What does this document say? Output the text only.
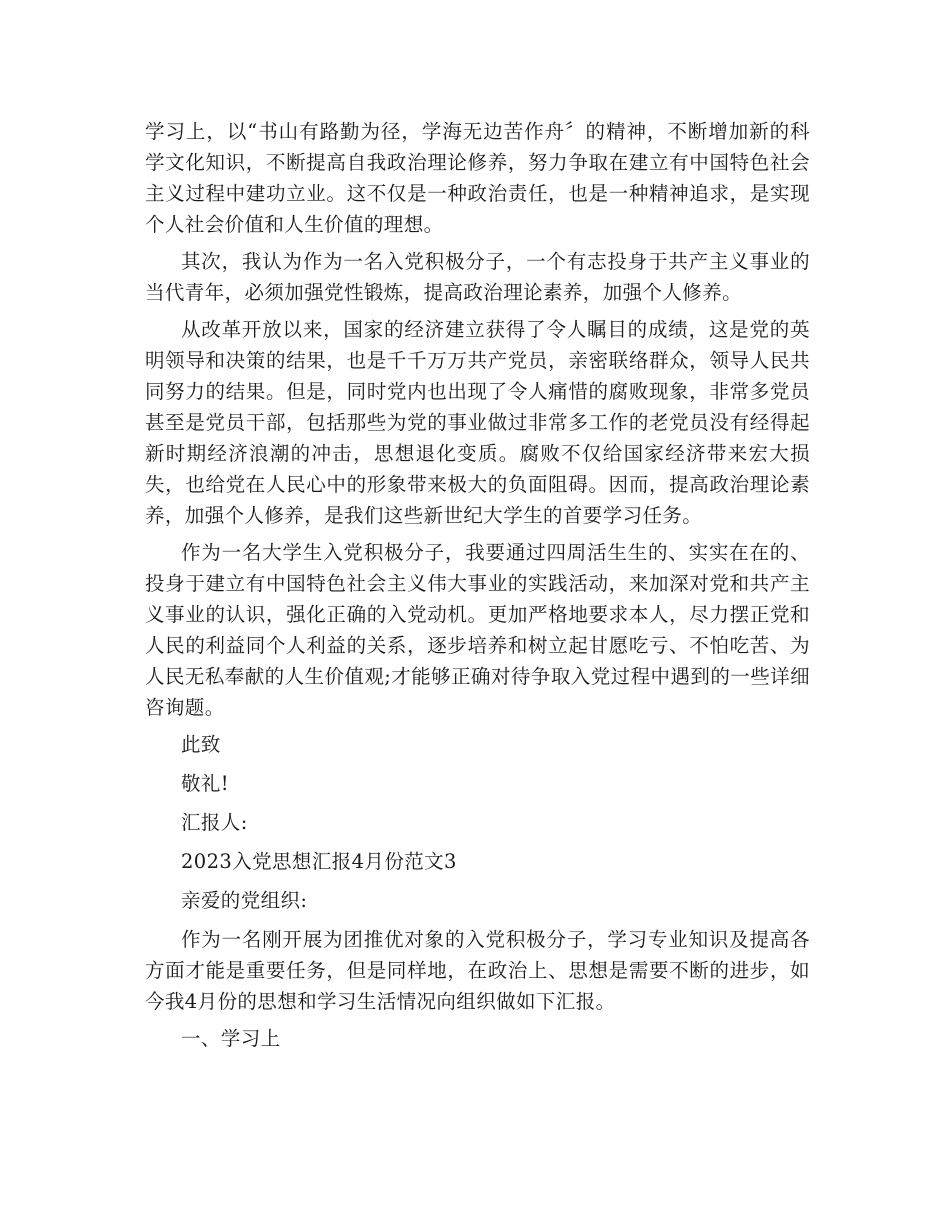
学习上，以“书山有路勤为径，学海无边苦作舟〞的精神，不断增加新的科学文化知识，不断提高自我政治理论修养，努力争取在建立有中国特色社会主义过程中建功立业。这不仅是一种政治责任，也是一种精神追求，是实现个人社会价值和人生价值的理想。

其次，我认为作为一名入党积极分子，一个有志投身于共产主义事业的当代青年，必须加强党性锻炼，提高政治理论素养，加强个人修养。

从改革开放以来，国家的经济建立获得了令人瞩目的成绩，这是党的英明领导和决策的结果，也是千千万万共产党员，亲密联络群众，领导人民共同努力的结果。但是，同时党内也出现了令人痛惜的腐败现象，非常多党员甚至是党员干部，包括那些为党的事业做过非常多工作的老党员没有经得起新时期经济浪潮的冲击，思想退化变质。腐败不仅给国家经济带来宏大损失，也给党在人民心中的形象带来极大的负面阻碍。因而，提高政治理论素养，加强个人修养，是我们这些新世纪大学生的首要学习任务。

作为一名大学生入党积极分子，我要通过四周活生生的、实实在在的、投身于建立有中国特色社会主义伟大事业的实践活动，来加深对党和共产主义事业的认识，强化正确的入党动机。更加严格地要求本人，尽力摆正党和人民的利益同个人利益的关系，逐步培养和树立起甘愿吃亏、不怕吃苦、为人民无私奉献的人生价值观;才能够正确对待争取入党过程中遇到的一些详细咨询题。

此致
敬礼!
汇报人:
2023入党思想汇报4月份范文3
亲爱的党组织:

作为一名刚开展为团推优对象的入党积极分子，学习专业知识及提高各方面才能是重要任务，但是同样地，在政治上、思想是需要不断的进步，如今我4月份的思想和学习生活情况向组织做如下汇报。

一、学习上
